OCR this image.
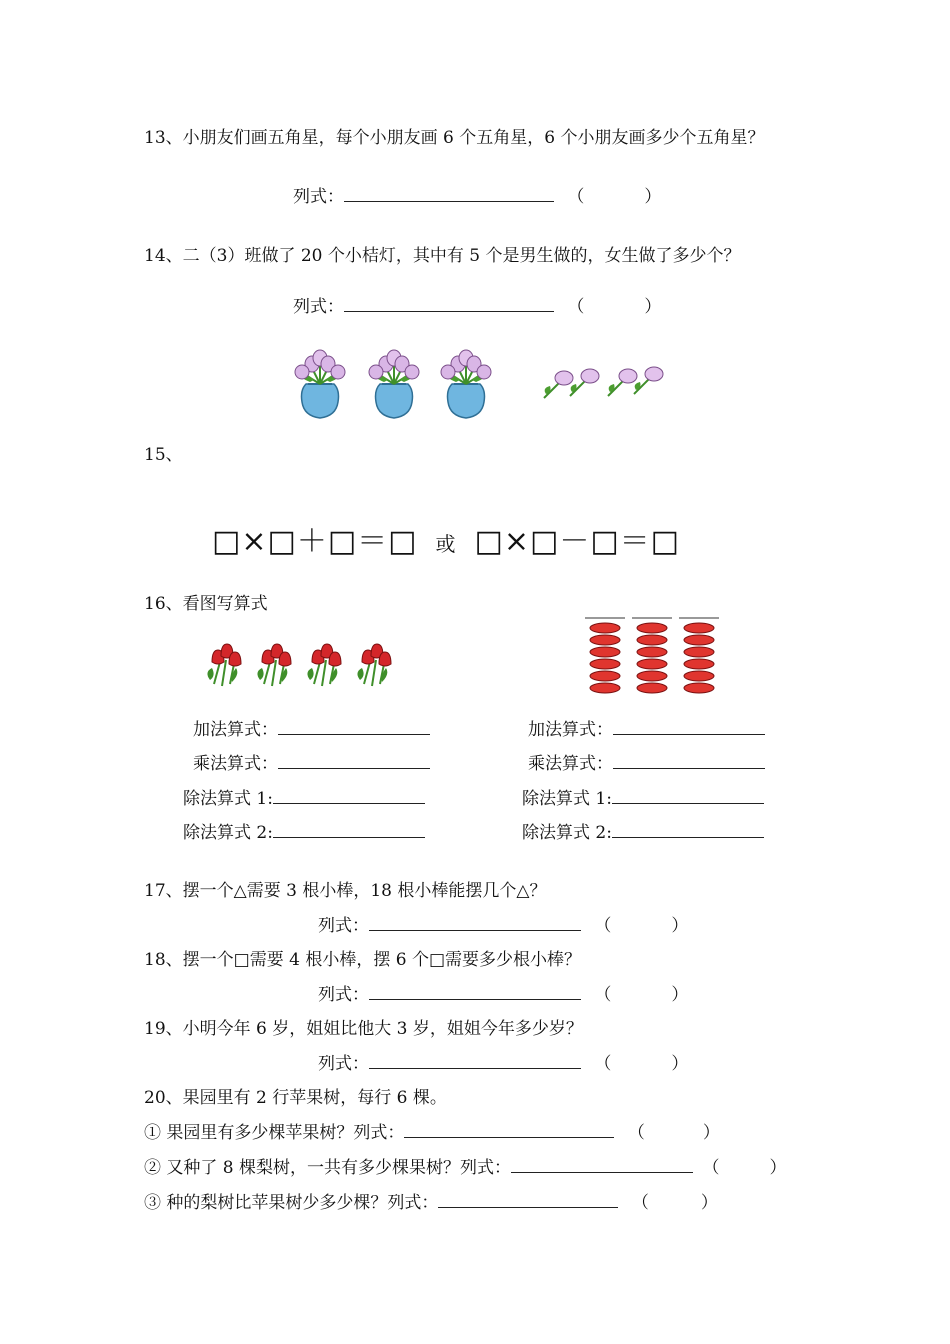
13、小朋友们画五角星，每个小朋友画 6 个五角星，6 个小朋友画多少个五角星？
列式：	（	）
14、二（3）班做了 20 个小桔灯，其中有 5 个是男生做的，女生做了多少个？
列式：	（	）
15、
□×□＋□＝□ 或 □×□－□＝□
16、看图写算式
加法算式：
乘法算式：
除法算式 1:
除法算式 2:
加法算式：
乘法算式：
除法算式 1:
除法算式 2:
17、摆一个△需要 3 根小棒，18 根小棒能摆几个△？
列式：	（	）
18、摆一个□需要 4 根小棒，摆 6 个□需要多少根小棒？
列式：	（	）
19、小明今年 6 岁，姐姐比他大 3 岁，姐姐今年多少岁？
列式：	（	）
20、果园里有 2 行苹果树，每行 6 棵。
① 果园里有多少棵苹果树？列式：	（	）
② 又种了 8 棵梨树，一共有多少棵果树？列式：	（	）
③ 种的梨树比苹果树少多少棵？列式：	（	）
